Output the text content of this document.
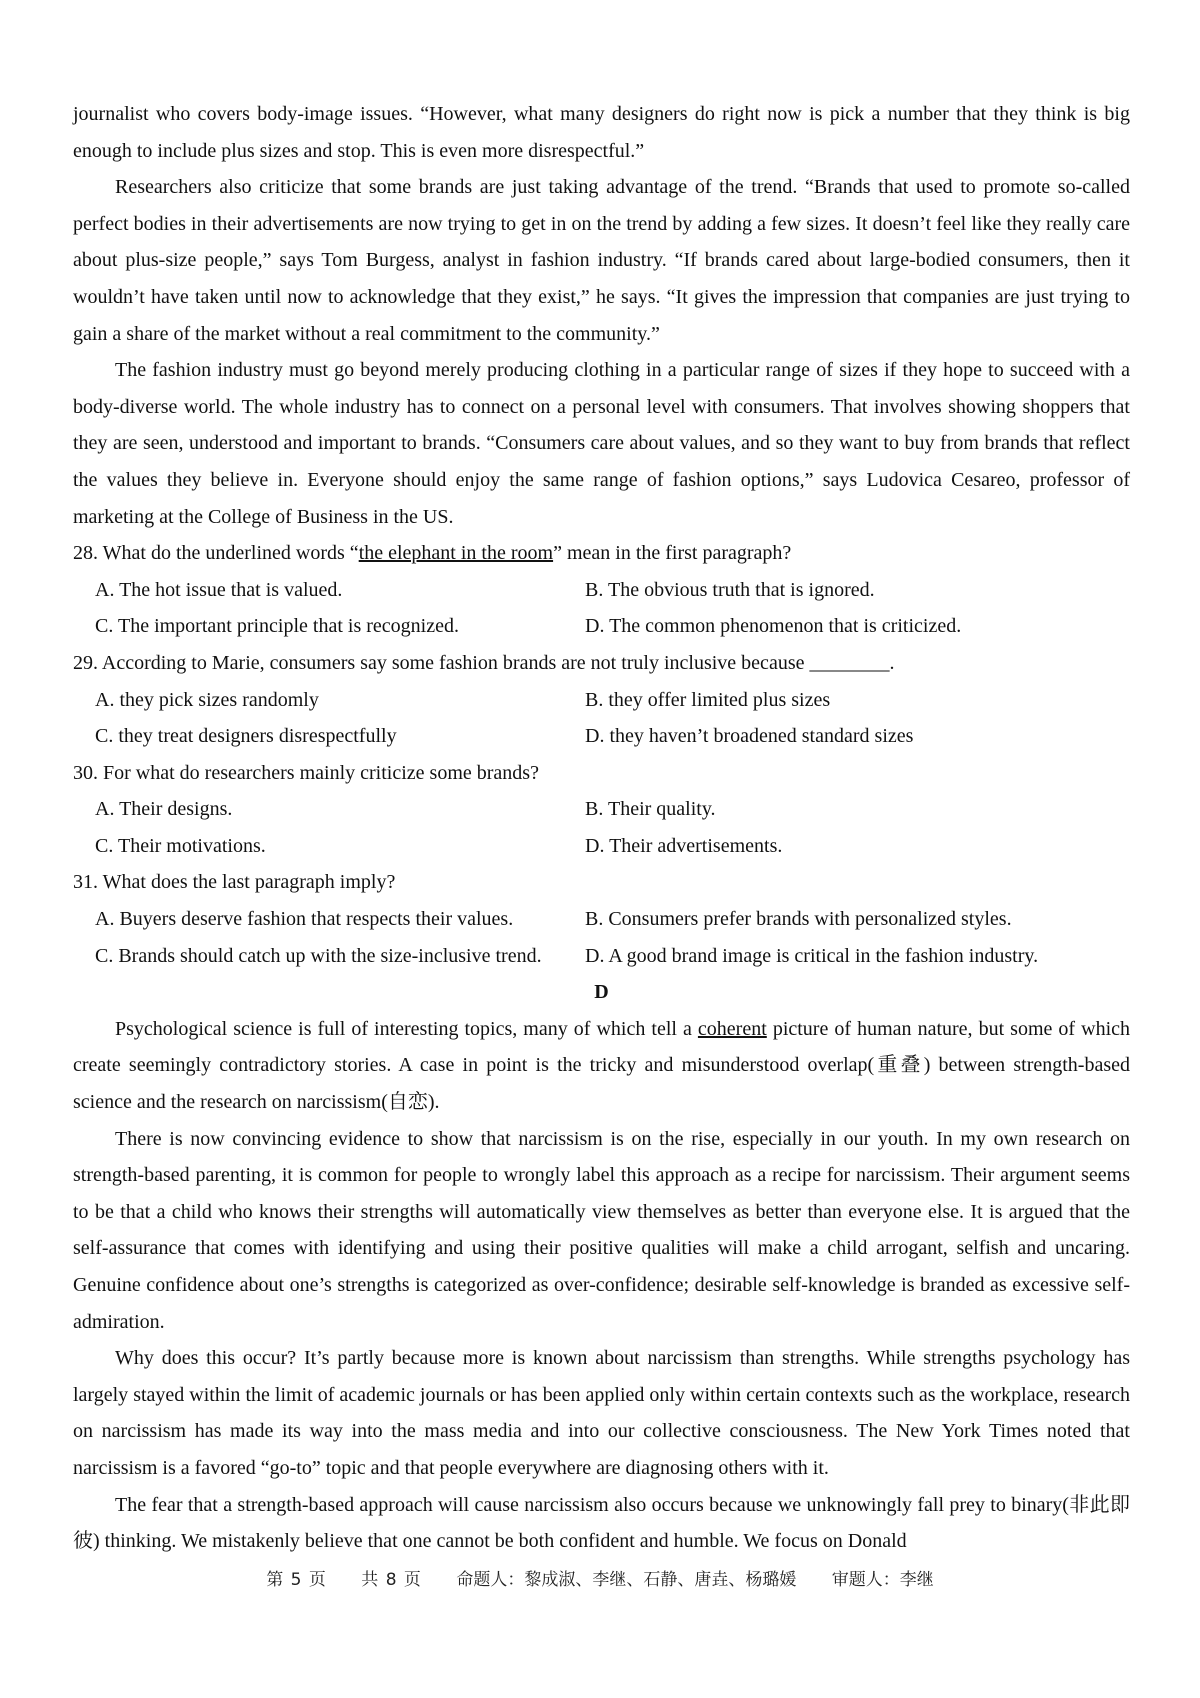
journalist who covers body-image issues. “However, what many designers do right now is pick a number that they think is big enough to include plus sizes and stop. This is even more disrespectful.”

Researchers also criticize that some brands are just taking advantage of the trend. “Brands that used to promote so-called perfect bodies in their advertisements are now trying to get in on the trend by adding a few sizes. It doesn’t feel like they really care about plus-size people,” says Tom Burgess, analyst in fashion industry. “If brands cared about large-bodied consumers, then it wouldn’t have taken until now to acknowledge that they exist,” he says. “It gives the impression that companies are just trying to gain a share of the market without a real commitment to the community.”

The fashion industry must go beyond merely producing clothing in a particular range of sizes if they hope to succeed with a body-diverse world. The whole industry has to connect on a personal level with consumers. That involves showing shoppers that they are seen, understood and important to brands. “Consumers care about values, and so they want to buy from brands that reflect the values they believe in. Everyone should enjoy the same range of fashion options,” says Ludovica Cesareo, professor of marketing at the College of Business in the US.

28. What do the underlined words “the elephant in the room” mean in the first paragraph?
A. The hot issue that is valued.	B. The obvious truth that is ignored.
C. The important principle that is recognized.	D. The common phenomenon that is criticized.
29. According to Marie, consumers say some fashion brands are not truly inclusive because ________.
A. they pick sizes randomly	B. they offer limited plus sizes
C. they treat designers disrespectfully	D. they haven’t broadened standard sizes
30. For what do researchers mainly criticize some brands?
A. Their designs.	B. Their quality.
C. Their motivations.	D. Their advertisements.
31. What does the last paragraph imply?
A. Buyers deserve fashion that respects their values.	B. Consumers prefer brands with personalized styles.
C. Brands should catch up with the size-inclusive trend.	D. A good brand image is critical in the fashion industry.
D

Psychological science is full of interesting topics, many of which tell a coherent picture of human nature, but some of which create seemingly contradictory stories. A case in point is the tricky and misunderstood overlap(重叠) between strength-based science and the research on narcissism(自恋).

There is now convincing evidence to show that narcissism is on the rise, especially in our youth. In my own research on strength-based parenting, it is common for people to wrongly label this approach as a recipe for narcissism. Their argument seems to be that a child who knows their strengths will automatically view themselves as better than everyone else. It is argued that the self-assurance that comes with identifying and using their positive qualities will make a child arrogant, selfish and uncaring. Genuine confidence about one’s strengths is categorized as over-confidence; desirable self-knowledge is branded as excessive self-admiration.

Why does this occur? It’s partly because more is known about narcissism than strengths. While strengths psychology has largely stayed within the limit of academic journals or has been applied only within certain contexts such as the workplace, research on narcissism has made its way into the mass media and into our collective consciousness. The New York Times noted that narcissism is a favored “go-to” topic and that people everywhere are diagnosing others with it.

The fear that a strength-based approach will cause narcissism also occurs because we unknowingly fall prey to binary(非此即彼) thinking. We mistakenly believe that one cannot be both confident and humble. We focus on Donald

第 5 页 共 8 页 命题人：黎成淑、李继、石静、唐垚、杨璐媛 审题人：李继
